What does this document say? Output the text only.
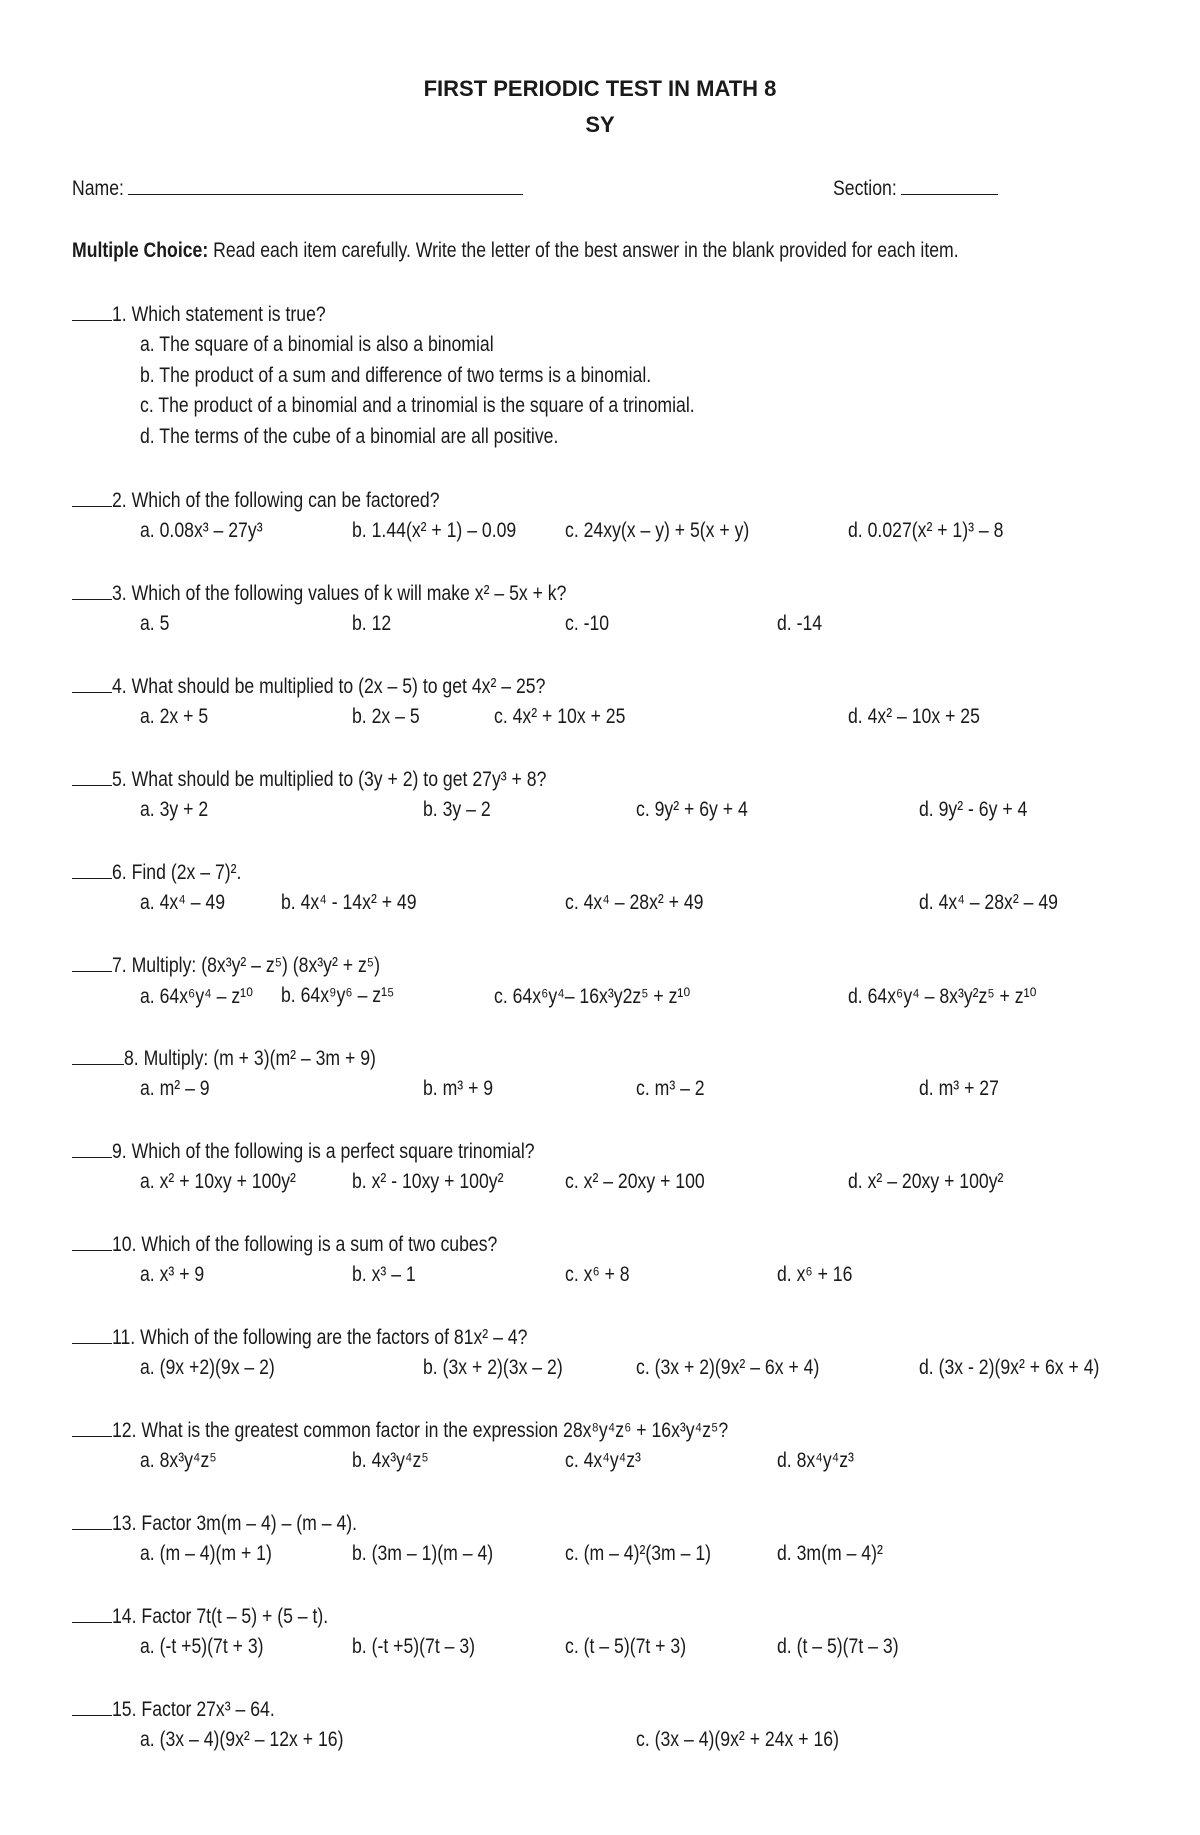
FIRST PERIODIC TEST IN MATH 8
SY
Name:	Section:
Multiple Choice: Read each item carefully. Write the letter of the best answer in the blank provided for each item.
1. Which statement is true?
a. The square of a binomial is also a binomial
b. The product of a sum and difference of two terms is a binomial.
c. The product of a binomial and a trinomial is the square of a trinomial.
d. The terms of the cube of a binomial are all positive.
2. Which of the following can be factored?
a. 0.08x³ – 27y³	b. 1.44(x² + 1) – 0.09	c. 24xy(x – y) + 5(x + y)	d. 0.027(x² + 1)³ – 8
3. Which of the following values of k will make x² – 5x + k?
a. 5	b. 12	c. -10	d. -14
4. What should be multiplied to (2x – 5) to get 4x² – 25?
a. 2x + 5	b. 2x – 5	c. 4x² + 10x + 25	d. 4x² – 10x + 25
5. What should be multiplied to (3y + 2) to get 27y³ + 8?
a. 3y + 2	b. 3y – 2	c. 9y² + 6y + 4	d. 9y² - 6y + 4
6. Find (2x – 7)².
a. 4x⁴ – 49	b. 4x⁴ - 14x² + 49	c. 4x⁴ – 28x² + 49	d. 4x⁴ – 28x² – 49
7. Multiply: (8x³y² – z⁵) (8x³y² + z⁵)
a. 64x⁶y⁴ – z¹⁰	b. 64x⁹y⁶ – z¹⁵	c. 64x⁶y⁴– 16x³y2z⁵ + z¹⁰	d. 64x⁶y⁴ – 8x³y²z⁵ + z¹⁰
8. Multiply: (m + 3)(m² – 3m + 9)
a. m² – 9	b. m³ + 9	c. m³ – 2	d. m³ + 27
9. Which of the following is a perfect square trinomial?
a. x² + 10xy + 100y²	b. x² - 10xy + 100y²	c. x² – 20xy + 100	d. x² – 20xy + 100y²
10. Which of the following is a sum of two cubes?
a. x³ + 9	b. x³ – 1	c. x⁶ + 8	d. x⁶ + 16
11. Which of the following are the factors of 81x² – 4?
a. (9x +2)(9x – 2)	b. (3x + 2)(3x – 2)	c. (3x + 2)(9x² – 6x + 4)	d. (3x - 2)(9x² + 6x + 4)
12. What is the greatest common factor in the expression 28x⁸y⁴z⁶ + 16x³y⁴z⁵?
a. 8x³y⁴z⁵	b. 4x³y⁴z⁵	c. 4x⁴y⁴z³	d. 8x⁴y⁴z³
13. Factor 3m(m – 4) – (m – 4).
a. (m – 4)(m + 1)	b. (3m – 1)(m – 4)	c. (m – 4)²(3m – 1)	d. 3m(m – 4)²
14. Factor 7t(t – 5) + (5 – t).
a. (-t +5)(7t + 3)	b. (-t +5)(7t – 3)	c. (t – 5)(7t + 3)	d. (t – 5)(7t – 3)
15. Factor 27x³ – 64.
a. (3x – 4)(9x² – 12x + 16)	c. (3x – 4)(9x² + 24x + 16)
